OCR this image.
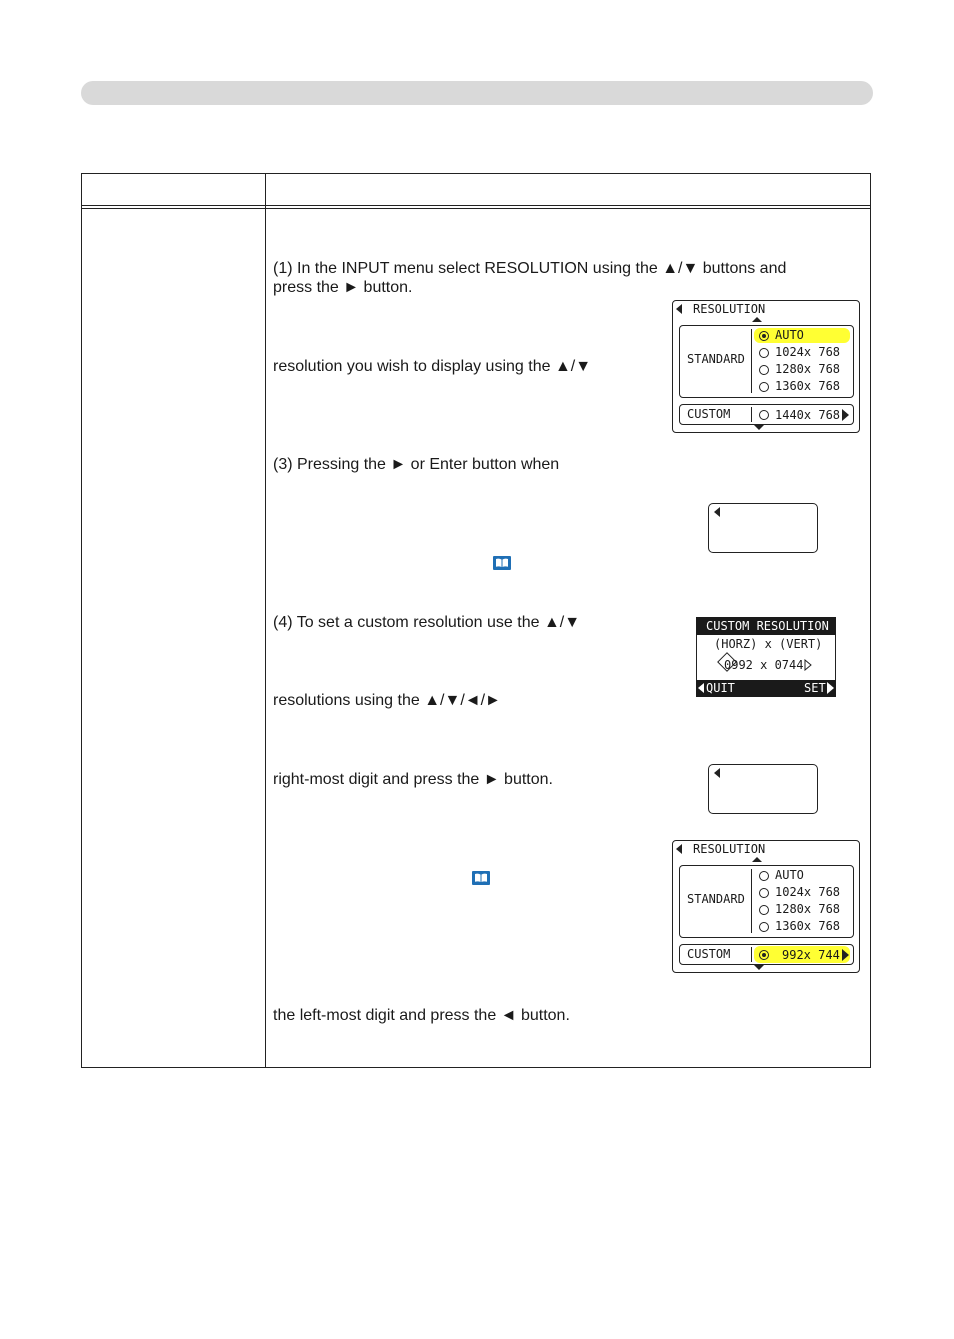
(1) In the INPUT menu select RESOLUTION using the ▲/▼ buttons and
press the ► button.
resolution you wish to display using the ▲/▼
(3) Pressing the ► or Enter button when
(4) To set a custom resolution use the ▲/▼
resolutions using the ▲/▼/◄/►
right-most digit and press the ► button.
the left-most digit and press the ◄ button.
RESOLUTION
STANDARD
AUTO
1024x 768
1280x 768
1360x 768
CUSTOM	1440x 768
CUSTOM RESOLUTION
(HORZ) x (VERT)
0992 x 0744
QUIT	SET
RESOLUTION
STANDARD
AUTO
1024x 768
1280x 768
1360x 768
CUSTOM	992x 744
